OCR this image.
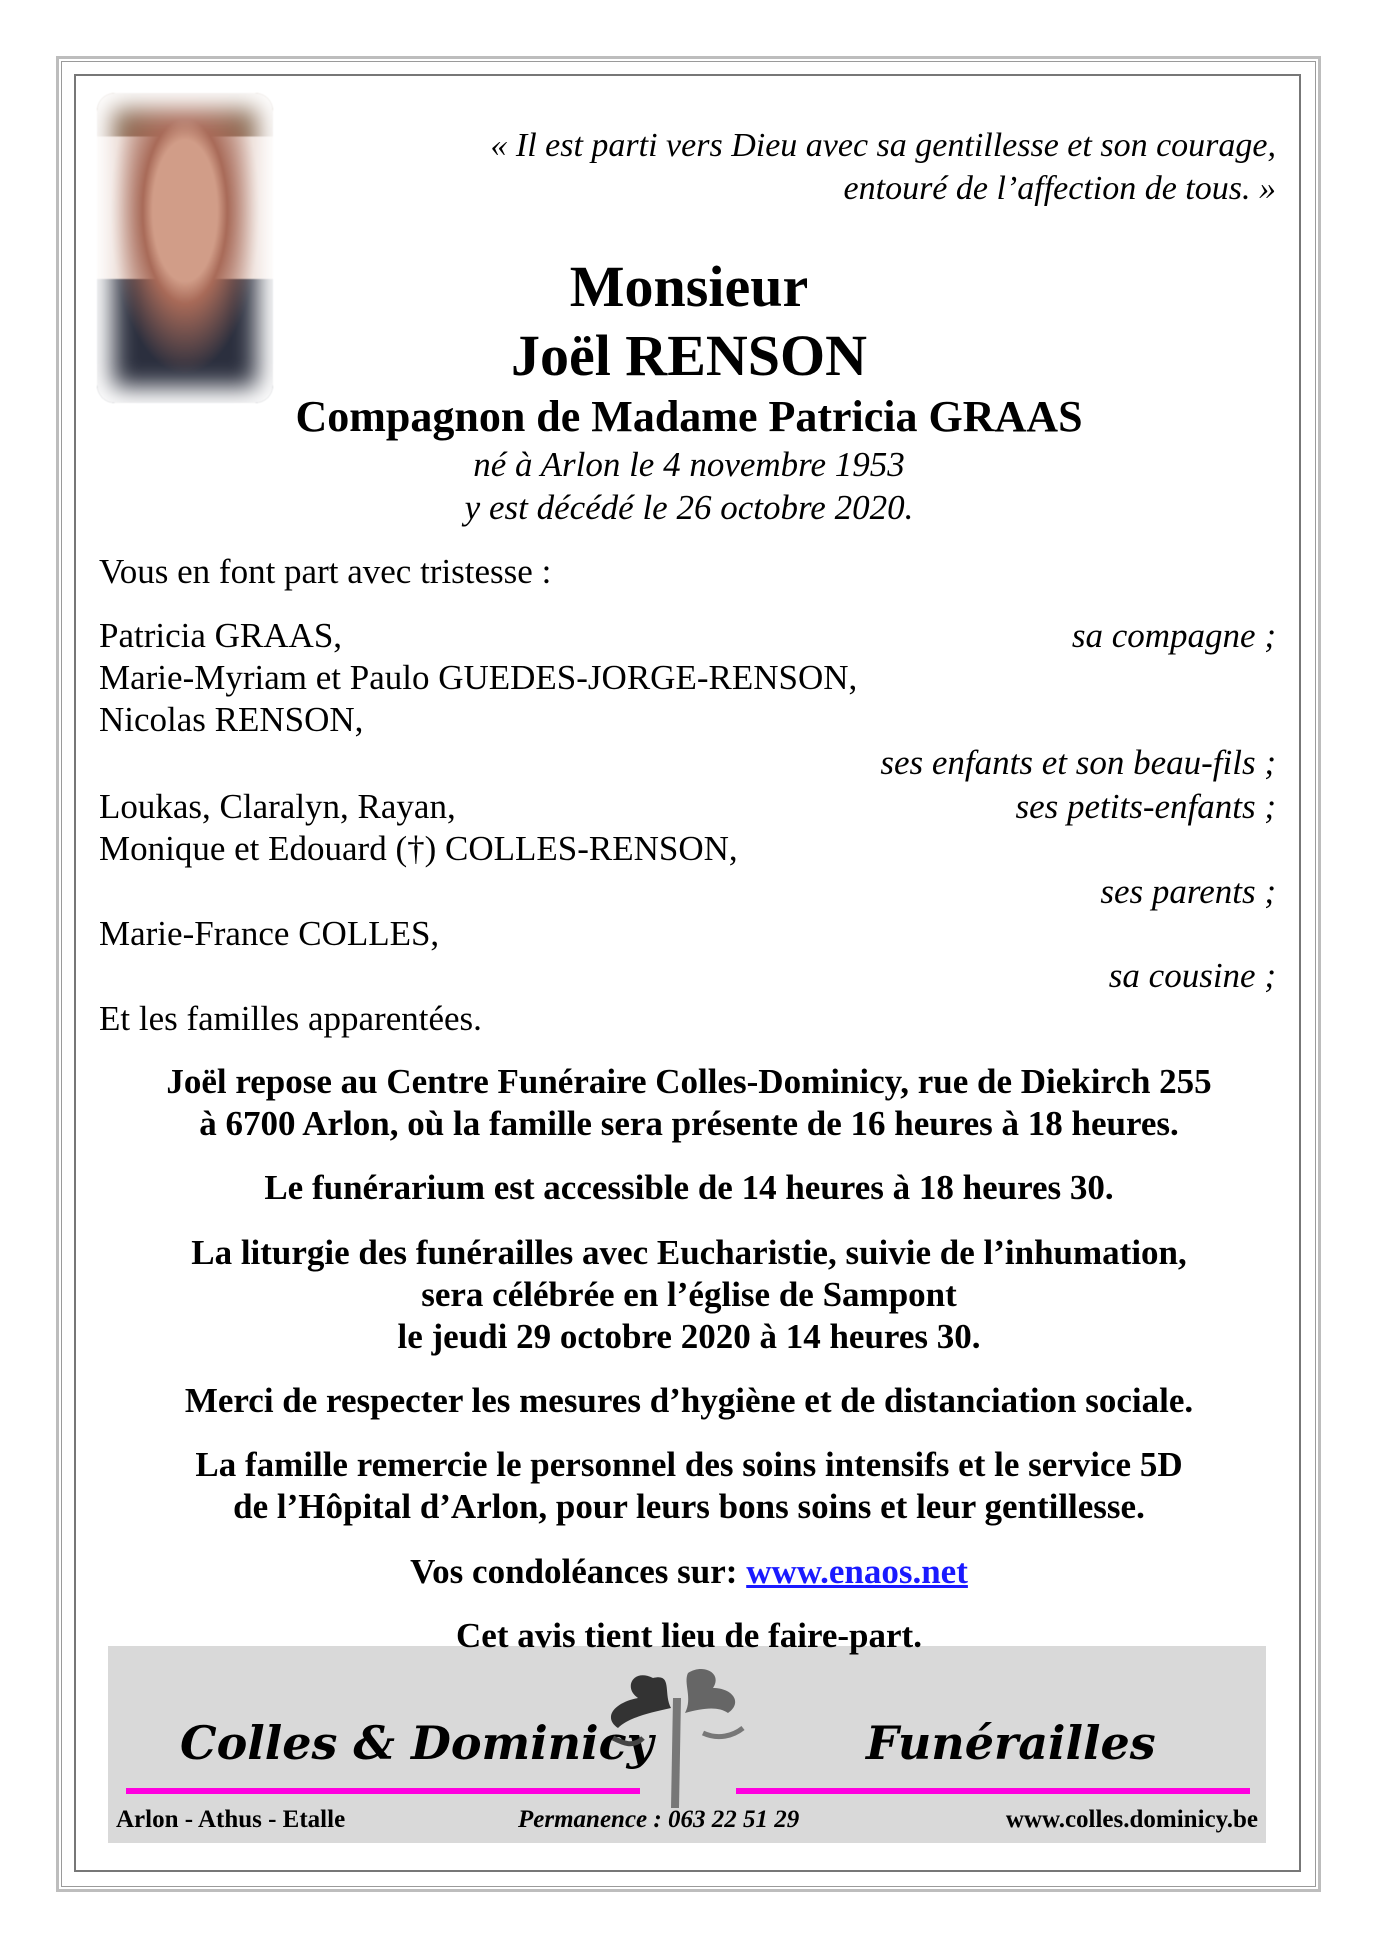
« Il est parti vers Dieu avec sa gentillesse et son courage,
entouré de l’affection de tous. »
Monsieur
Joël RENSON
Compagnon de Madame Patricia GRAAS
né à Arlon le 4 novembre 1953
y est décédé le 26 octobre 2020.
Vous en font part avec tristesse :
Patricia GRAAS,	sa compagne ;
Marie-Myriam et Paulo GUEDES-JORGE-RENSON,
Nicolas RENSON,
ses enfants et son beau-fils ;
Loukas, Claralyn, Rayan,	ses petits-enfants ;
Monique et Edouard (†) COLLES-RENSON,
ses parents ;
Marie-France COLLES,
sa cousine ;
Et les familles apparentées.
Joël repose au Centre Funéraire Colles-Dominicy, rue de Diekirch 255
à 6700 Arlon, où la famille sera présente de 16 heures à 18 heures.
Le funérarium est accessible de 14 heures à 18 heures 30.
La liturgie des funérailles avec Eucharistie, suivie de l’inhumation,
sera célébrée en l’église de Sampont
le jeudi 29 octobre 2020 à 14 heures 30.
Merci de respecter les mesures d’hygiène et de distanciation sociale.
La famille remercie le personnel des soins intensifs et le service 5D
de l’Hôpital d’Arlon, pour leurs bons soins et leur gentillesse.
Vos condoléances sur: www.enaos.net
Colles & Dominicy	Funérailles
Arlon - Athus - Etalle	Permanence : 063 22 51 29	www.colles.dominicy.be
Cet avis tient lieu de faire-part.
